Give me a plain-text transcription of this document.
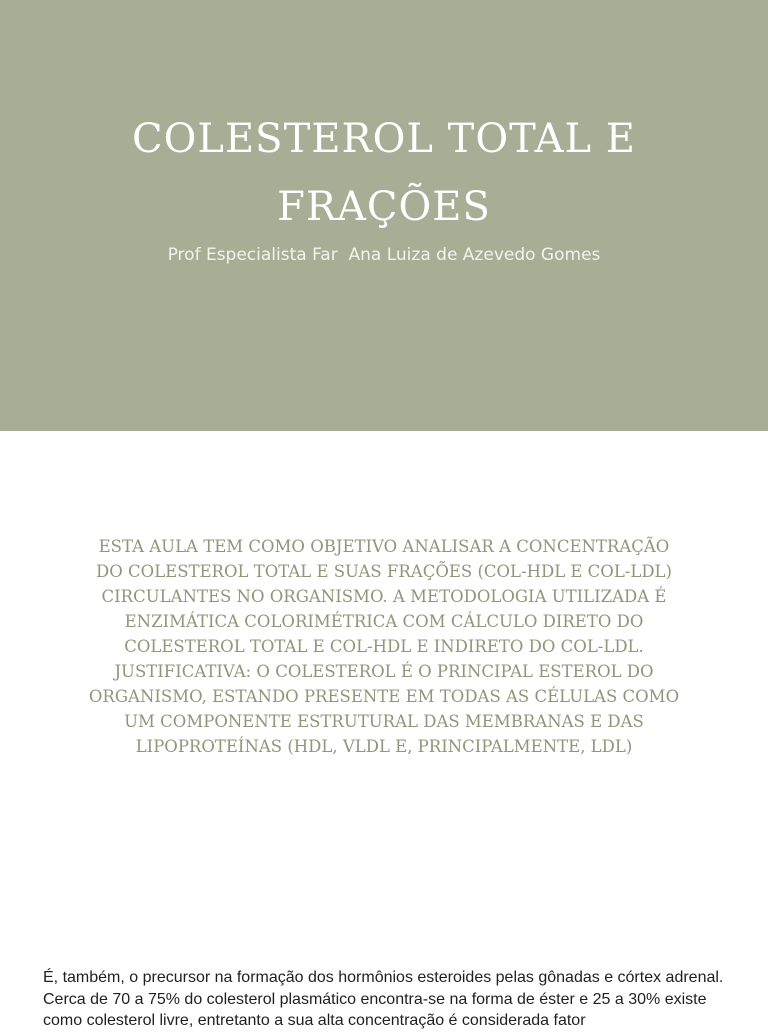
COLESTEROL TOTAL E
FRAÇÕES

Prof Especialista Far  Ana Luiza de Azevedo Gomes

ESTA AULA TEM COMO OBJETIVO ANALISAR A CONCENTRAÇÃO DO COLESTEROL TOTAL E SUAS FRAÇÕES (COL-HDL E COL-LDL) CIRCULANTES NO ORGANISMO. A METODOLOGIA UTILIZADA É ENZIMÁTICA COLORIMÉTRICA COM CÁLCULO DIRETO DO COLESTEROL TOTAL E COL-HDL E INDIRETO DO COL-LDL. JUSTIFICATIVA: O COLESTEROL É O PRINCIPAL ESTEROL DO ORGANISMO, ESTANDO PRESENTE EM TODAS AS CÉLULAS COMO UM COMPONENTE ESTRUTURAL DAS MEMBRANAS E DAS LIPOPROTEÍNAS (HDL, VLDL E, PRINCIPALMENTE, LDL)

É, também, o precursor na formação dos hormônios esteroides pelas gônadas e córtex adrenal. Cerca de 70 a 75% do colesterol plasmático encontra-se na forma de éster e 25 a 30% existe como colesterol livre, entretanto a sua alta concentração é considerada fator
